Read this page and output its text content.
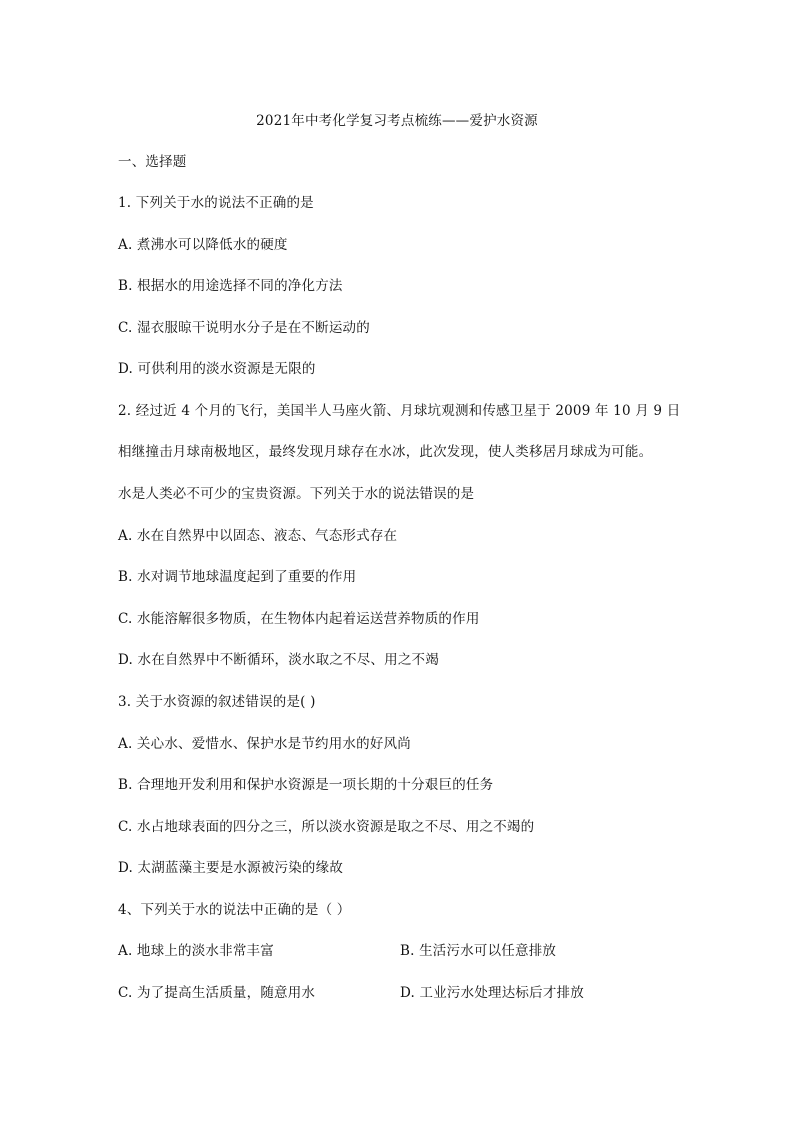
2021年中考化学复习考点梳练——爱护水资源
一、选择题
1. 下列关于水的说法不正确的是
A. 煮沸水可以降低水的硬度
B. 根据水的用途选择不同的净化方法
C. 湿衣服晾干说明水分子是在不断运动的
D. 可供利用的淡水资源是无限的
2. 经过近 4 个月的飞行，美国半人马座火箭、月球坑观测和传感卫星于 2009 年 10 月 9 日
相继撞击月球南极地区，最终发现月球存在水冰，此次发现，使人类移居月球成为可能。
水是人类必不可少的宝贵资源。下列关于水的说法错误的是
A. 水在自然界中以固态、液态、气态形式存在
B. 水对调节地球温度起到了重要的作用
C. 水能溶解很多物质，在生物体内起着运送营养物质的作用
D. 水在自然界中不断循环，淡水取之不尽、用之不竭
3. 关于水资源的叙述错误的是( )
A. 关心水、爱惜水、保护水是节约用水的好风尚
B. 合理地开发利用和保护水资源是一项长期的十分艰巨的任务
C. 水占地球表面的四分之三，所以淡水资源是取之不尽、用之不竭的
D. 太湖蓝藻主要是水源被污染的缘故
4、下列关于水的说法中正确的是（ ）
A. 地球上的淡水非常丰富	B. 生活污水可以任意排放
C. 为了提高生活质量，随意用水	D. 工业污水处理达标后才排放
